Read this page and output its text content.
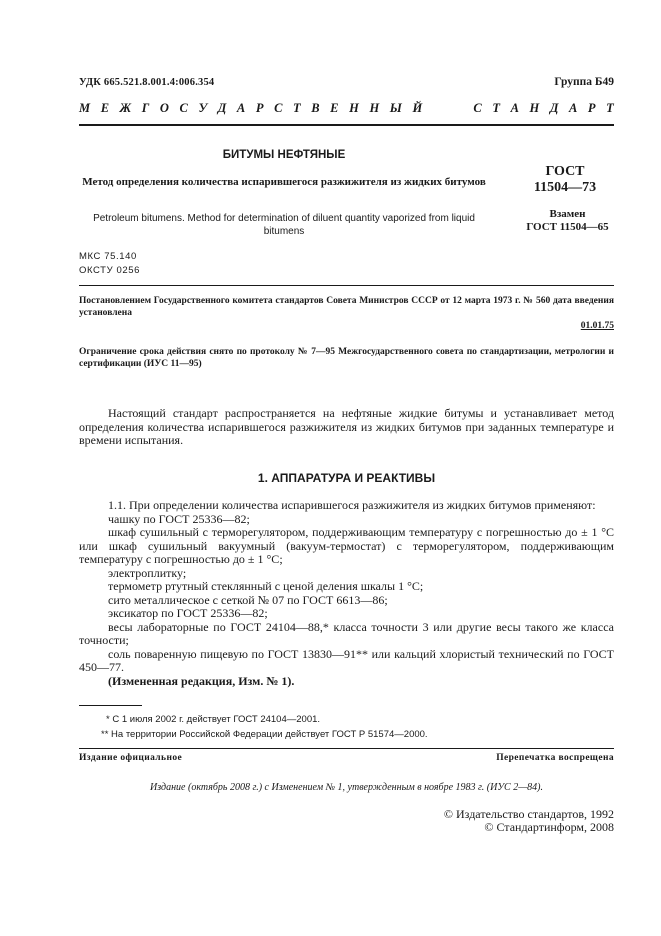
УДК 665.521.8.001.4:006.354	Группа Б49
М Е Ж Г О С У Д А Р С Т В Е Н Н Ы Й	С Т А Н Д А Р Т
БИТУМЫ НЕФТЯНЫЕ
Метод определения количества испарившегося разжижителя из жидких битумов
Petroleum bitumens. Method for determination of diluent quantity vaporized from liquid bitumens
ГОСТ
11504—73
Взамен
ГОСТ 11504—65
МКС 75.140
ОКСТУ 0256
Постановлением Государственного комитета стандартов Совета Министров СССР от 12 марта 1973 г. № 560 дата введения установлена
01.01.75
Ограничение срока действия снято по протоколу № 7—95 Межгосударственного совета по стандартизации, метрологии и сертификации (ИУС 11—95)
Настоящий стандарт распространяется на нефтяные жидкие битумы и устанавливает метод определения количества испарившегося разжижителя из жидких битумов при заданных температуре и времени испытания.
1. АППАРАТУРА И РЕАКТИВЫ

1.1. При определении количества испарившегося разжижителя из жидких битумов применяют:

чашку по ГОСТ 25336—82;

шкаф сушильный с терморегулятором, поддерживающим температуру с погрешностью до ± 1 °С или шкаф сушильный вакуумный (вакуум-термостат) с терморегулятором, поддерживающим температуру с погрешностью до ± 1 °С;

электроплитку;

термометр ртутный стеклянный с ценой деления шкалы 1 °С;

сито металлическое с сеткой № 07 по ГОСТ 6613—86;

эксикатор по ГОСТ 25336—82;

весы лабораторные по ГОСТ 24104—88,* класса точности 3 или другие весы такого же класса точности;

соль поваренную пищевую по ГОСТ 13830—91** или кальций хлористый технический по ГОСТ 450—77.

(Измененная редакция, Изм. № 1).

* С 1 июля 2002 г. действует ГОСТ 24104—2001.
** На территории Российской Федерации действует ГОСТ Р 51574—2000.
Издание официальное	Перепечатка воспрещена
Издание (октябрь 2008 г.) с Изменением № 1, утвержденным в ноябре 1983 г. (ИУС 2—84).
© Издательство стандартов, 1992
© Стандартинформ, 2008
